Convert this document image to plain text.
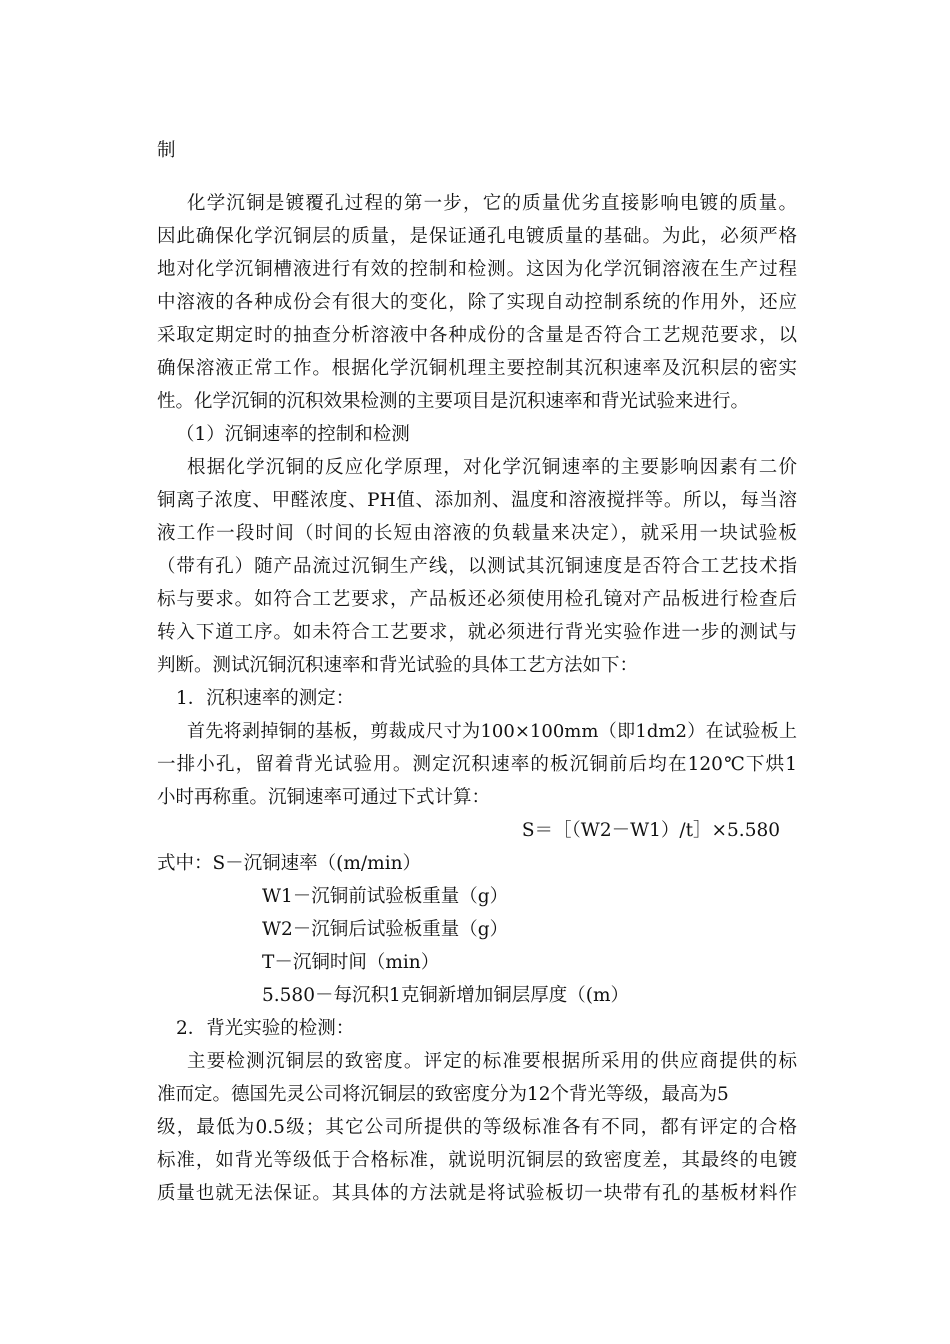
制
化学沉铜是镀覆孔过程的第一步，它的质量优劣直接影响电镀的质量。
因此确保化学沉铜层的质量，是保证通孔电镀质量的基础。为此，必须严格
地对化学沉铜槽液进行有效的控制和检测。这因为化学沉铜溶液在生产过程
中溶液的各种成份会有很大的变化，除了实现自动控制系统的作用外，还应
采取定期定时的抽查分析溶液中各种成份的含量是否符合工艺规范要求，以
确保溶液正常工作。根据化学沉铜机理主要控制其沉积速率及沉积层的密实
性。化学沉铜的沉积效果检测的主要项目是沉积速率和背光试验来进行。
（1）沉铜速率的控制和检测
根据化学沉铜的反应化学原理，对化学沉铜速率的主要影响因素有二价
铜离子浓度、甲醛浓度、PH值、添加剂、温度和溶液搅拌等。所以，每当溶
液工作一段时间（时间的长短由溶液的负载量来决定），就采用一块试验板
（带有孔）随产品流过沉铜生产线，以测试其沉铜速度是否符合工艺技术指
标与要求。如符合工艺要求，产品板还必须使用检孔镜对产品板进行检查后
转入下道工序。如未符合工艺要求，就必须进行背光实验作进一步的测试与
判断。测试沉铜沉积速率和背光试验的具体工艺方法如下：
1．沉积速率的测定：
首先将剥掉铜的基板，剪裁成尺寸为100×100mm（即1dm2）在试验板上
一排小孔，留着背光试验用。测定沉积速率的板沉铜前后均在120℃下烘1
小时再称重。沉铜速率可通过下式计算：
S＝［（W2－W1）/t］×5.580
式中：S－沉铜速率（(m/min）
W1－沉铜前试验板重量（g）
W2－沉铜后试验板重量（g）
T－沉铜时间（min）
5.580－每沉积1克铜新增加铜层厚度（(m）
2．背光实验的检测：
主要检测沉铜层的致密度。评定的标准要根据所采用的供应商提供的标
准而定。德国先灵公司将沉铜层的致密度分为12个背光等级，最高为5
级，最低为0.5级；其它公司所提供的等级标准各有不同，都有评定的合格
标准，如背光等级低于合格标准，就说明沉铜层的致密度差，其最终的电镀
质量也就无法保证。其具体的方法就是将试验板切一块带有孔的基板材料作
